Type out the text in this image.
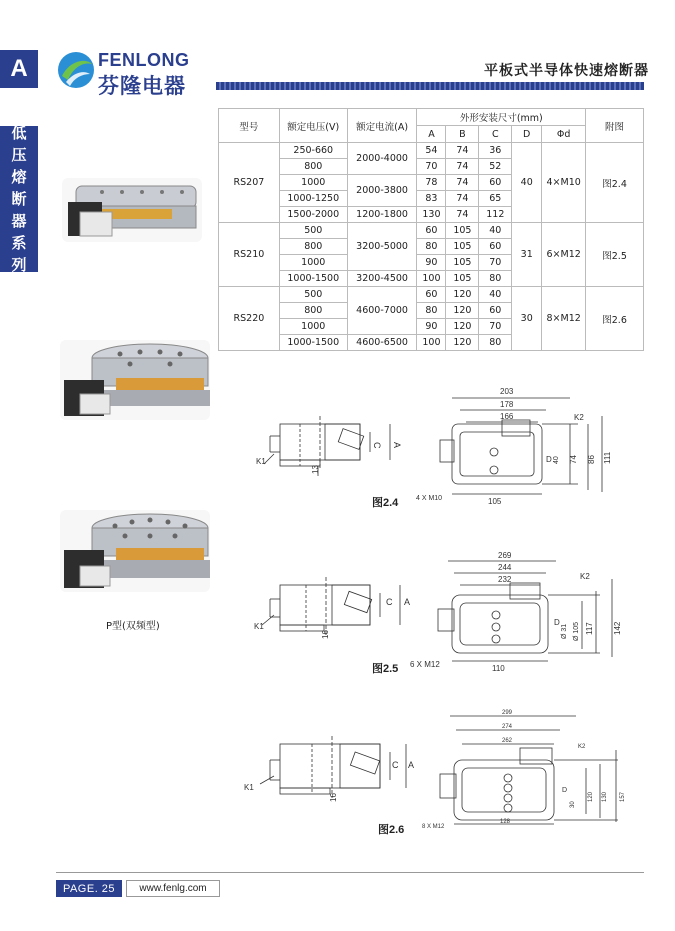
A
低
压
熔
断
器
系
列
FENLONG
芬隆电器
平板式半导体快速熔断器
型号	额定电压(V)	额定电流(A)	外形安装尺寸(mm)					附图
			A	B	C	D	Φd	
RS207	250-660	2000-4000	54	74	36	40	4×M10	图2.4
	800		70	74	52			
	1000	2000-3800	78	74	60			
	1000-1250		83	74	65			
	1500-2000	1200-1800	130	74	112			
RS210	500	3200-5000	60	105	40	31	6×M12	图2.5
	800		80	105	60			
	1000		90	105	70			
	1000-1500	3200-4500	100	105	80			
RS220	500	4600-7000	60	120	40	30	8×M12	图2.6
	800		80	120	60			
	1000		90	120	70			
	1000-1500	4600-6500	100	120	80			
P型(双频型)
K1
13
C A
203
178
166	K2
D 40 74 86 111
4 X M10	105
图2.4
K1
16
C A
269
244
232	K2
D
Ø 31 Ø 105 117 142
6 X M12	110
图2.5
K1
16
C A
299
274
262
K2
D
30
120 130 157
8 X M12
128
图2.6
PAGE. 25	www.fenlg.com
